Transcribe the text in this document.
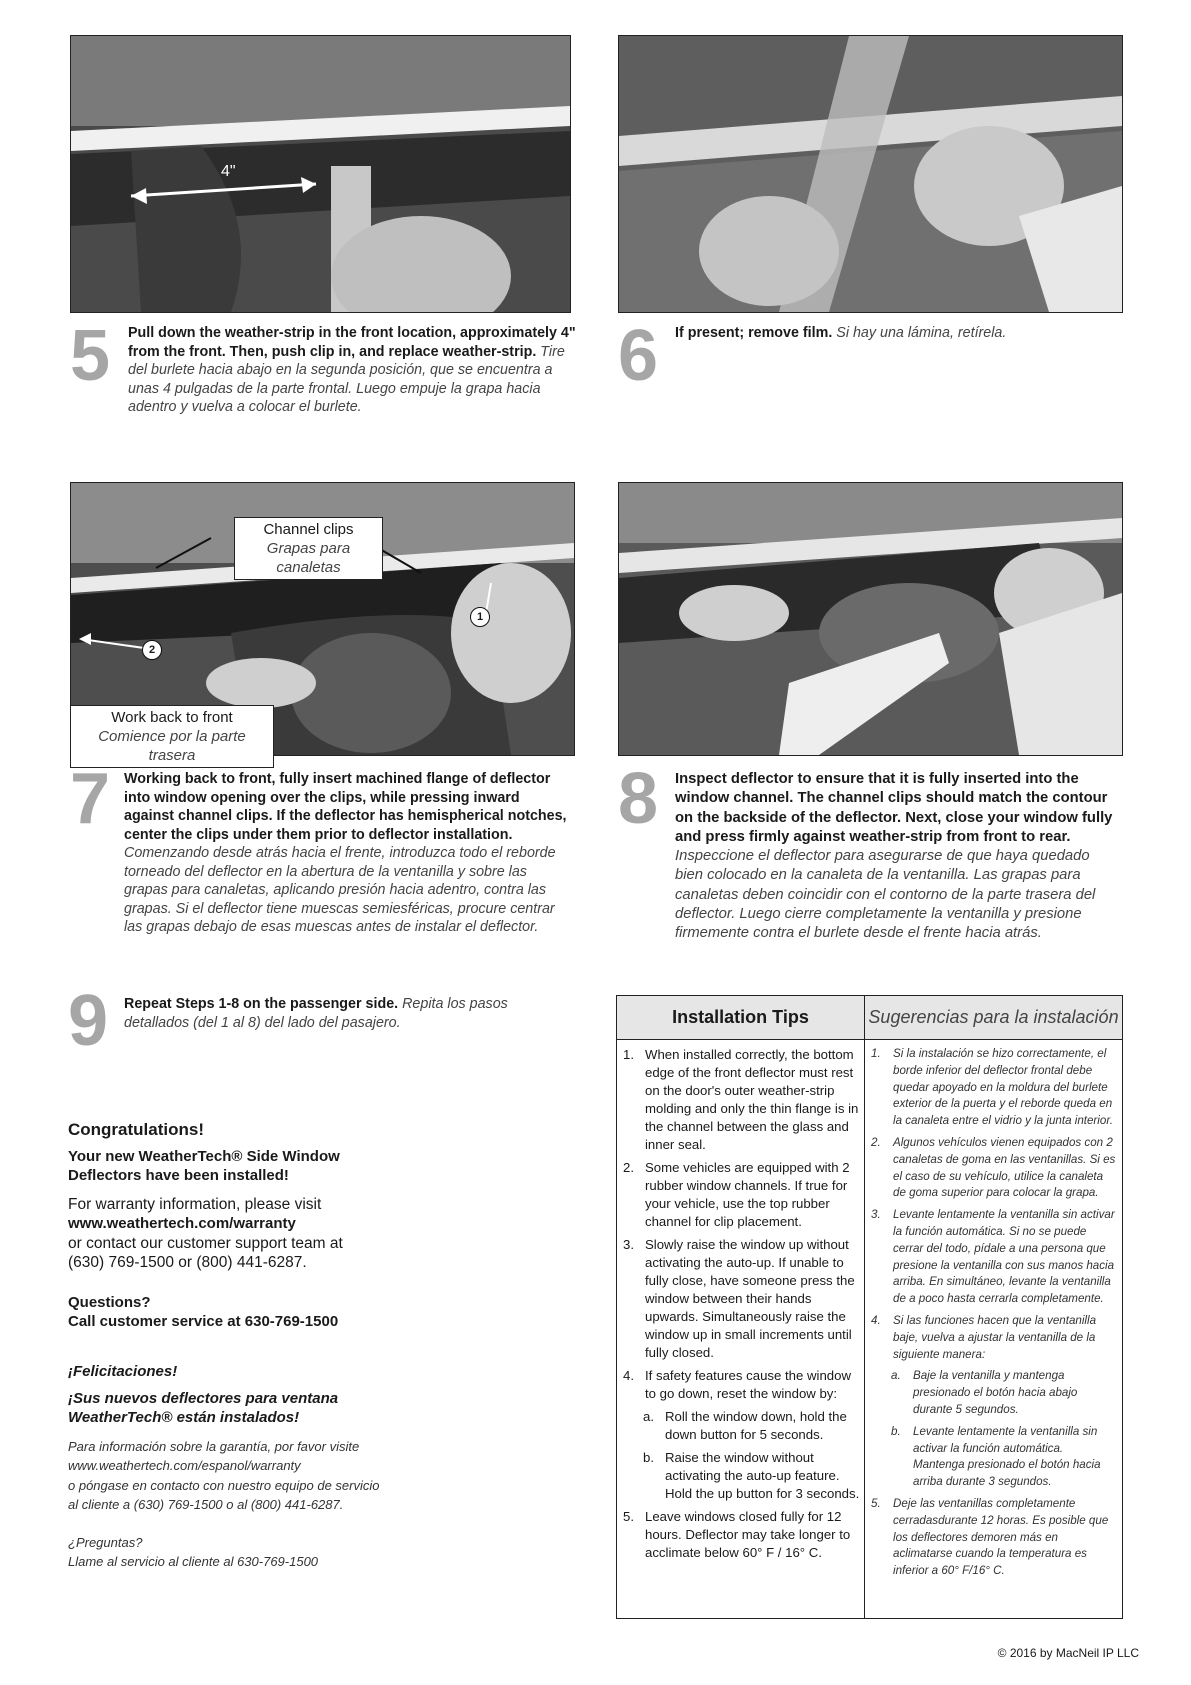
4"
5 Pull down the weather-strip in the front location, approximately 4" from the front. Then, push clip in, and replace weather-strip. Tire del burlete hacia abajo en la segunda posición, que se encuentra a unas 4 pulgadas de la parte frontal. Luego empuje la grapa hacia adentro y vuelva a colocar el burlete.
6 If present; remove film. Si hay una lámina, retírela.
Channel clips
Grapas para canaletas
Work back to front
Comience por la parte trasera
1
2
7 Working back to front, fully insert machined flange of deflector into window opening over the clips, while pressing inward against channel clips. If the deflector has hemispherical notches, center the clips under them prior to deflector installation. Comenzando desde atrás hacia el frente, introduzca todo el reborde torneado del deflector en la abertura de la ventanilla y sobre las grapas para canaletas, aplicando presión hacia adentro, contra las grapas. Si el deflector tiene muescas semiesféricas, procure centrar las grapas debajo de esas muescas antes de instalar el deflector.
8 Inspect deflector to ensure that it is fully inserted into the window channel. The channel clips should match the contour on the backside of the deflector. Next, close your window fully and press firmly against weather-strip from front to rear. Inspeccione el deflector para asegurarse de que haya quedado bien colocado en la canaleta de la ventanilla. Las grapas para canaletas deben coincidir con el contorno de la parte trasera del deflector. Luego cierre completamente la ventanilla y presione firmemente contra el burlete desde el frente hacia atrás.
9 Repeat Steps 1-8 on the passenger side. Repita los pasos detallados (del 1 al 8) del lado del pasajero.
Congratulations!
Your new WeatherTech® Side Window
Deflectors have been installed!
For warranty information, please visit
www.weathertech.com/warranty
or contact our customer support team at
(630) 769-1500 or (800) 441-6287.
Questions?
Call customer service at 630-769-1500
¡Felicitaciones!
¡Sus nuevos deflectores para ventana
WeatherTech® están instalados!
Para información sobre la garantía, por favor visite
www.weathertech.com/espanol/warranty
o póngase en contacto con nuestro equipo de servicio
al cliente a (630) 769-1500 o al (800) 441-6287.
¿Preguntas?
Llame al servicio al cliente al 630-769-1500
Installation Tips	Sugerencias para la instalación
1. When installed correctly, the bottom edge of the front deflector must rest on the door's outer weather-strip molding and only the thin flange is in the channel between the glass and inner seal.
2. Some vehicles are equipped with 2 rubber window channels. If true for your vehicle, use the top rubber channel for clip placement.
3. Slowly raise the window up without activating the auto-up. If unable to fully close, have someone press the window between their hands upwards. Simultaneously raise the window up in small increments until fully closed.
4. If safety features cause the window to go down, reset the window by:
a. Roll the window down, hold the down button for 5 seconds.
b. Raise the window without activating the auto-up feature. Hold the up button for 3 seconds.
5. Leave windows closed fully for 12 hours. Deflector may take longer to acclimate below 60° F / 16° C.
1. Si la instalación se hizo correctamente, el borde inferior del deflector frontal debe quedar apoyado en la moldura del burlete exterior de la puerta y el reborde queda en la canaleta entre el vidrio y la junta interior.
2. Algunos vehículos vienen equipados con 2 canaletas de goma en las ventanillas. Si es el caso de su vehículo, utilice la canaleta de goma superior para colocar la grapa.
3. Levante lentamente la ventanilla sin activar la función automática. Si no se puede cerrar del todo, pídale a una persona que presione la ventanilla con sus manos hacia arriba. En simultáneo, levante la ventanilla de a poco hasta cerrarla completamente.
4. Si las funciones hacen que la ventanilla baje, vuelva a ajustar la ventanilla de la siguiente manera:
a. Baje la ventanilla y mantenga presionado el botón hacia abajo durante 5 segundos.
b. Levante lentamente la ventanilla sin activar la función automática. Mantenga presionado el botón hacia arriba durante 3 segundos.
5. Deje las ventanillas completamente cerradasdurante 12 horas. Es posible que los deflectores demoren más en aclimatarse cuando la temperatura es inferior a 60° F/16° C.
© 2016 by MacNeil IP LLC
